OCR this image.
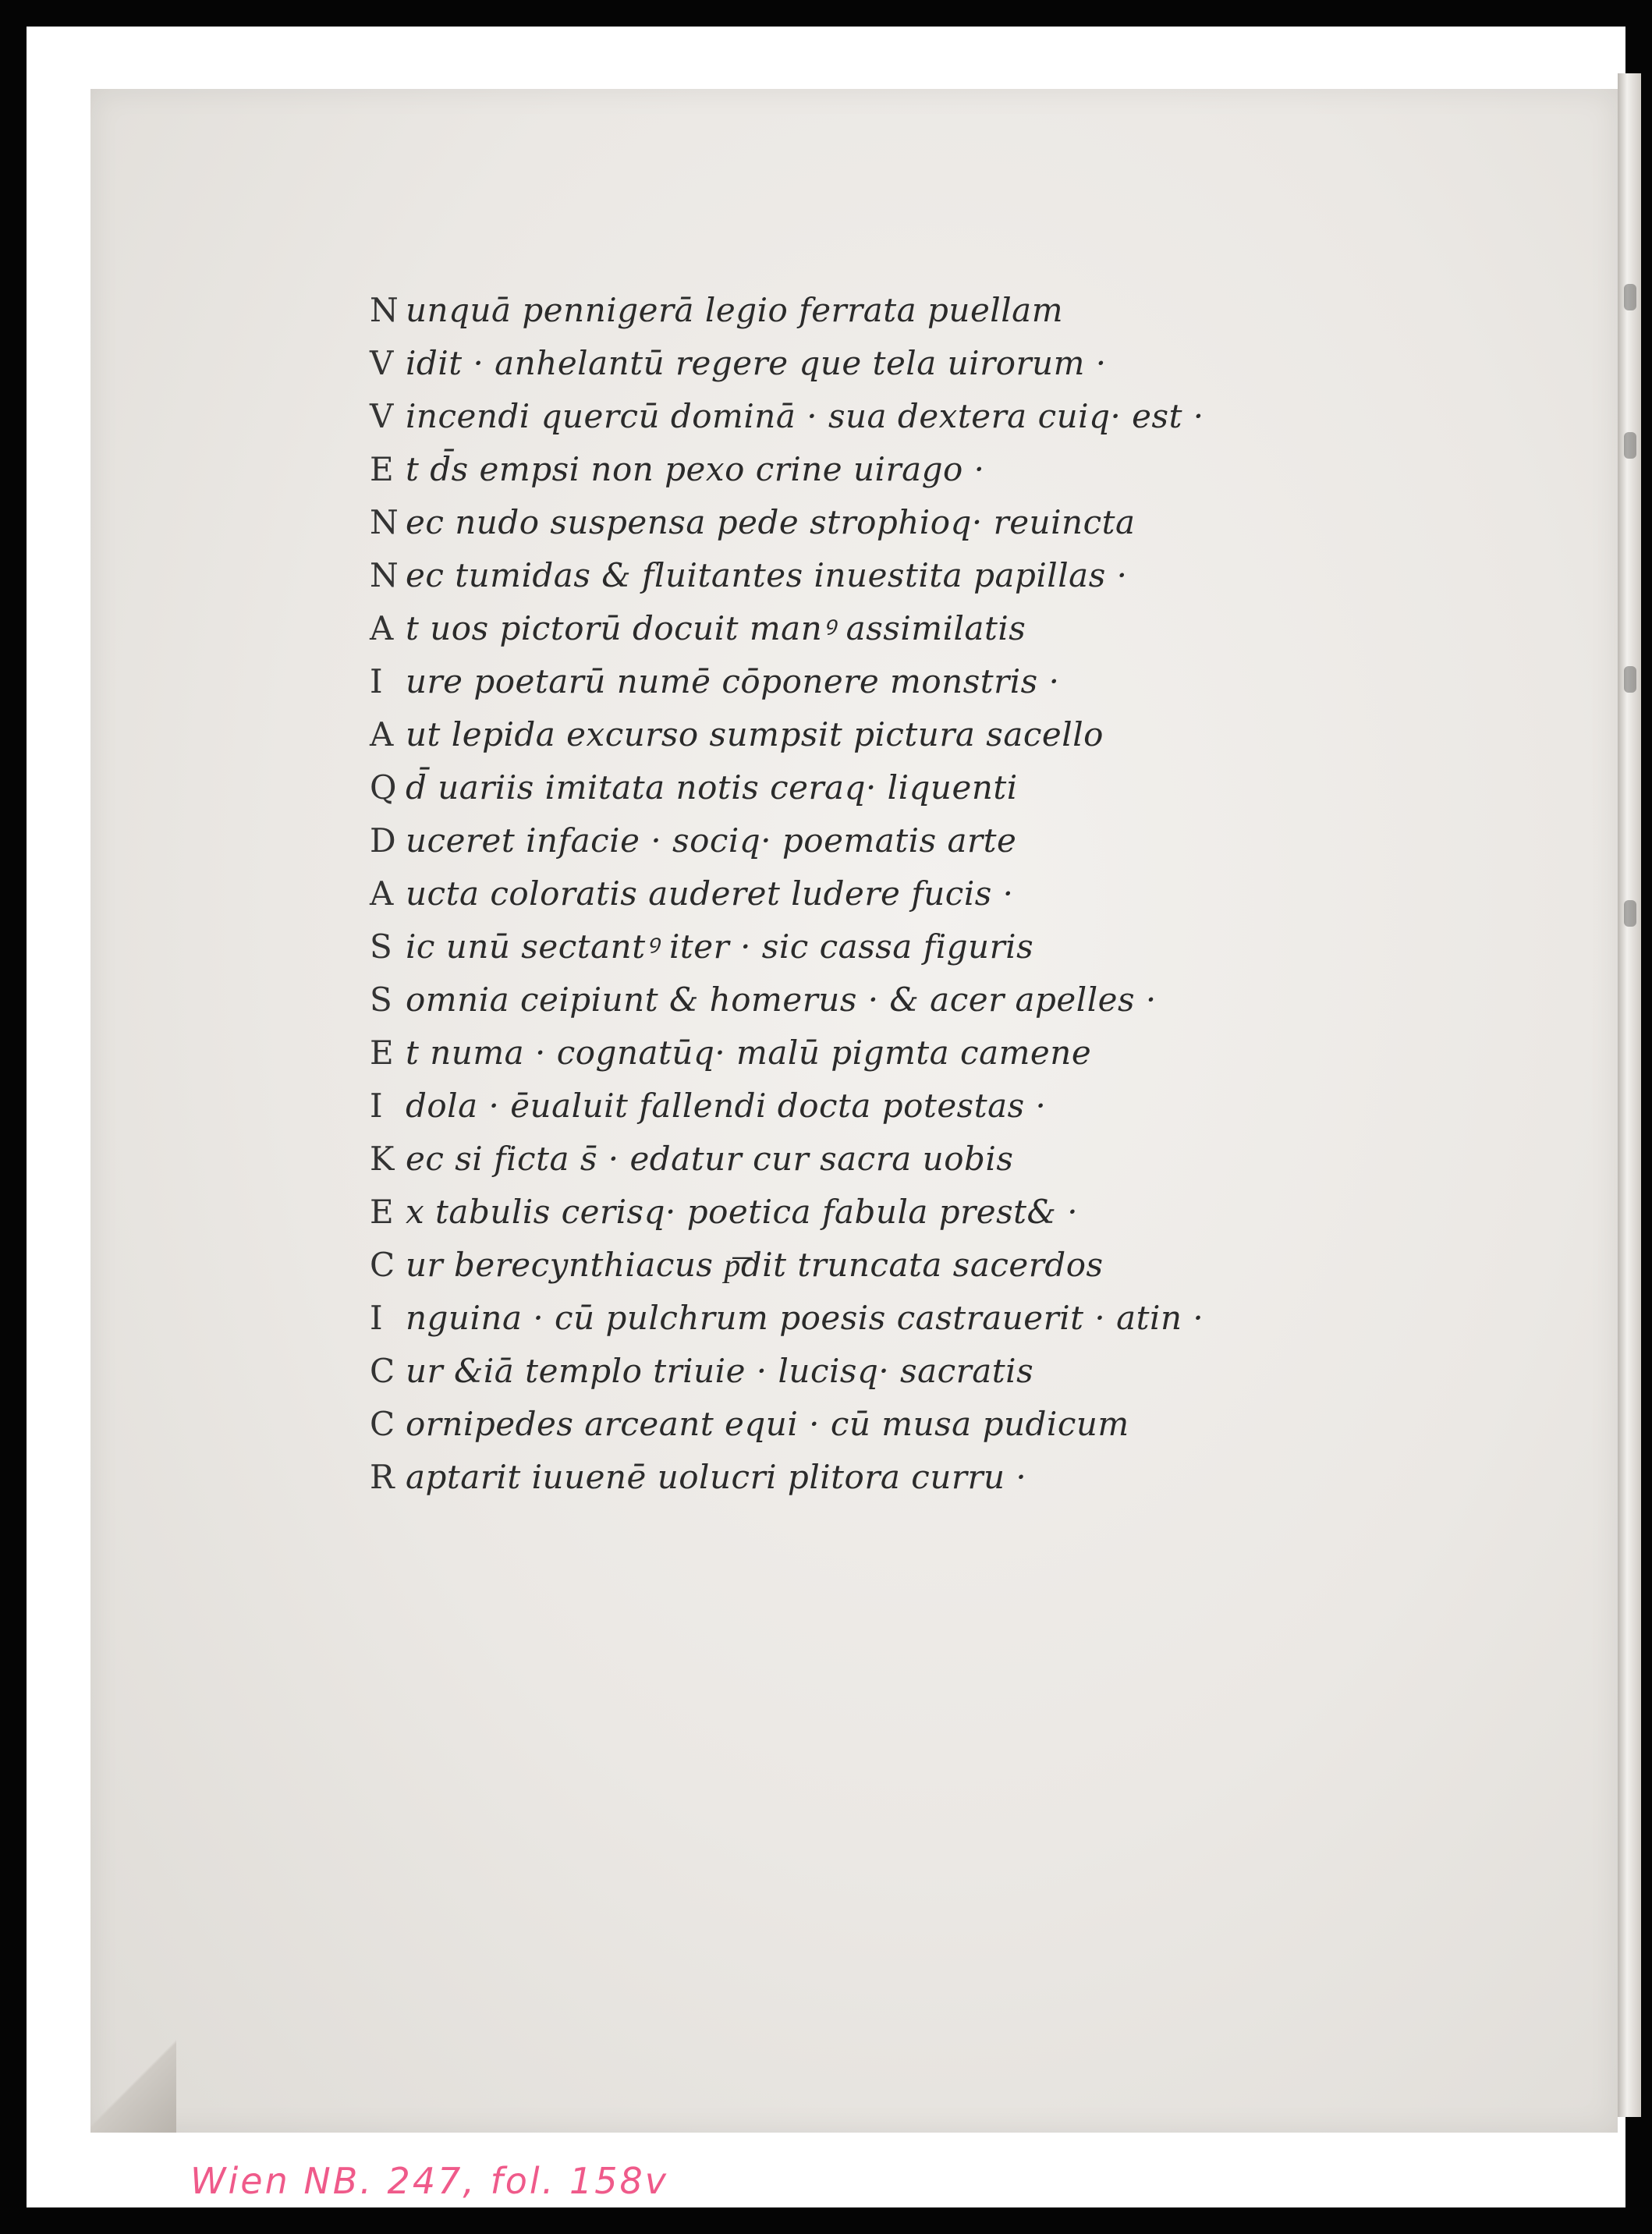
N unquā pennigerā legio ferrata puellam
V idit · anhelantū regere que tela uirorum ·
V incendi quercū dominā · sua dextera cuiq· est ·
E t d̄s empsi non pexo crine uirago ·
N ec nudo suspensa pede strophioq· reuincta
N ec tumidas & fluitantes inuestita papillas ·
A t uos pictorū docuit manꝰ assimilatis
I ure poetarū numē cōponere monstris ·
A ut lepida excurso sumpsit pictura sacello
Q d̄ uariis imitata notis ceraq· liquenti
D uceret infacie · sociq· poematis arte
A ucta coloratis auderet ludere fucis ·
S ic unū sectantꝰ iter · sic cassa figuris
S omnia ceipiunt & homerus · & acer apelles ·
E t numa · cognatūq· malū pigmta camene
I dola · ēualuit fallendi docta potestas ·
K ec si ficta s̄ · edatur cur sacra uobis
E x tabulis cerisq· poetica fabula prest& ·
C ur berecynthiacus p͞dit truncata sacerdos
I nguina · cū pulchrum poesis castrauerit · atin ·
C ur &iā templo triuie · lucisq· sacratis
C ornipedes arceant equi · cū musa pudicum
R aptarit iuuenē uolucri plitora curru ·
Wien NB. 247, fol. 158v
